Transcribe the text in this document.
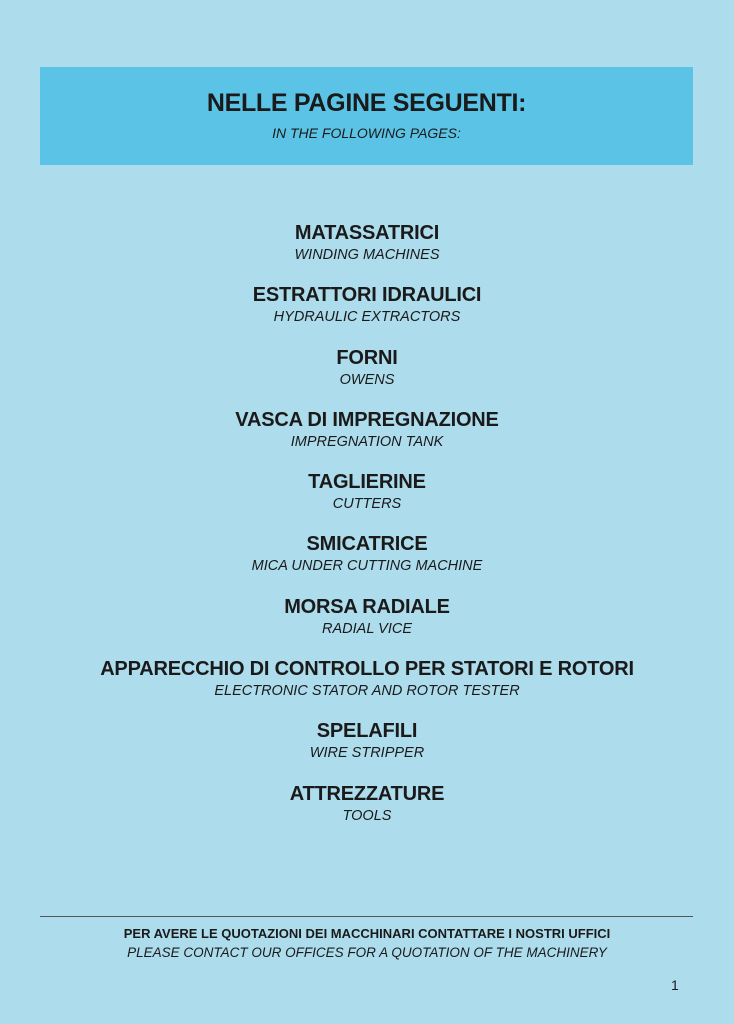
NELLE PAGINE SEGUENTI:
IN THE FOLLOWING PAGES:
MATASSATRICI
WINDING MACHINES
ESTRATTORI IDRAULICI
HYDRAULIC EXTRACTORS
FORNI
OWENS
VASCA DI IMPREGNAZIONE
IMPREGNATION TANK
TAGLIERINE
CUTTERS
SMICATRICE
MICA UNDER CUTTING MACHINE
MORSA RADIALE
RADIAL VICE
APPARECCHIO DI CONTROLLO PER STATORI E ROTORI
ELECTRONIC STATOR AND ROTOR TESTER
SPELAFILI
WIRE STRIPPER
ATTREZZATURE
TOOLS
PER AVERE LE QUOTAZIONI DEI MACCHINARI CONTATTARE I NOSTRI UFFICI
PLEASE CONTACT OUR OFFICES FOR A QUOTATION OF THE MACHINERY
1
